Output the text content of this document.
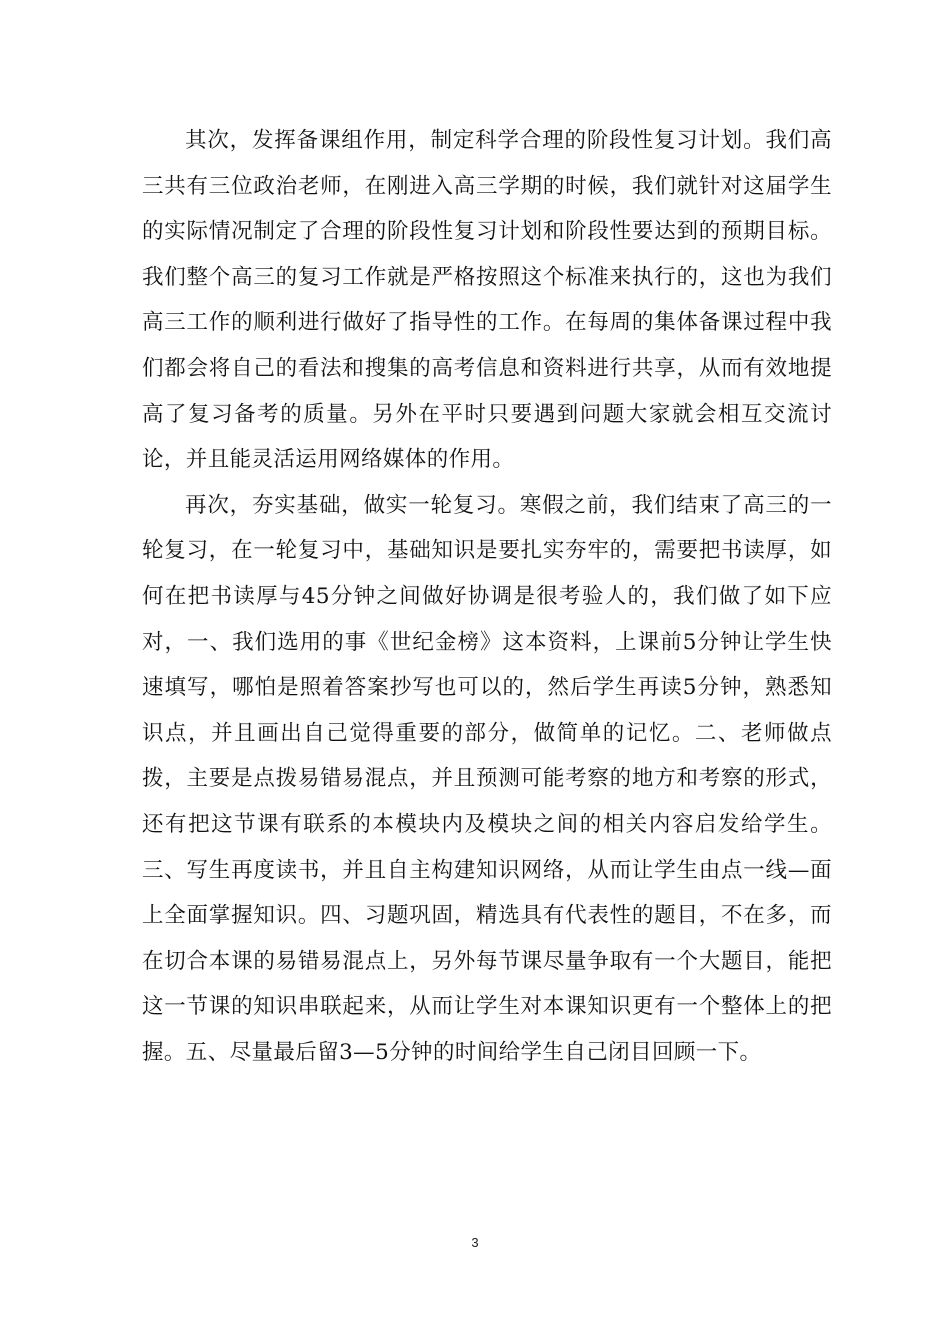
其次，发挥备课组作用，制定科学合理的阶段性复习计划。我们高三共有三位政治老师，在刚进入高三学期的时候，我们就针对这届学生的实际情况制定了合理的阶段性复习计划和阶段性要达到的预期目标。我们整个高三的复习工作就是严格按照这个标准来执行的，这也为我们高三工作的顺利进行做好了指导性的工作。在每周的集体备课过程中我们都会将自己的看法和搜集的高考信息和资料进行共享，从而有效地提高了复习备考的质量。另外在平时只要遇到问题大家就会相互交流讨论，并且能灵活运用网络媒体的作用。

再次，夯实基础，做实一轮复习。寒假之前，我们结束了高三的一轮复习，在一轮复习中，基础知识是要扎实夯牢的，需要把书读厚，如何在把书读厚与45分钟之间做好协调是很考验人的，我们做了如下应对，一、我们选用的事《世纪金榜》这本资料，上课前5分钟让学生快速填写，哪怕是照着答案抄写也可以的，然后学生再读5分钟，熟悉知识点，并且画出自己觉得重要的部分，做简单的记忆。二、老师做点拨，主要是点拨易错易混点，并且预测可能考察的地方和考察的形式，还有把这节课有联系的本模块内及模块之间的相关内容启发给学生。三、写生再度读书，并且自主构建知识网络，从而让学生由点一线—面上全面掌握知识。四、习题巩固，精选具有代表性的题目，不在多，而在切合本课的易错易混点上，另外每节课尽量争取有一个大题目，能把这一节课的知识串联起来，从而让学生对本课知识更有一个整体上的把握。五、尽量最后留3—5分钟的时间给学生自己闭目回顾一下。

3
